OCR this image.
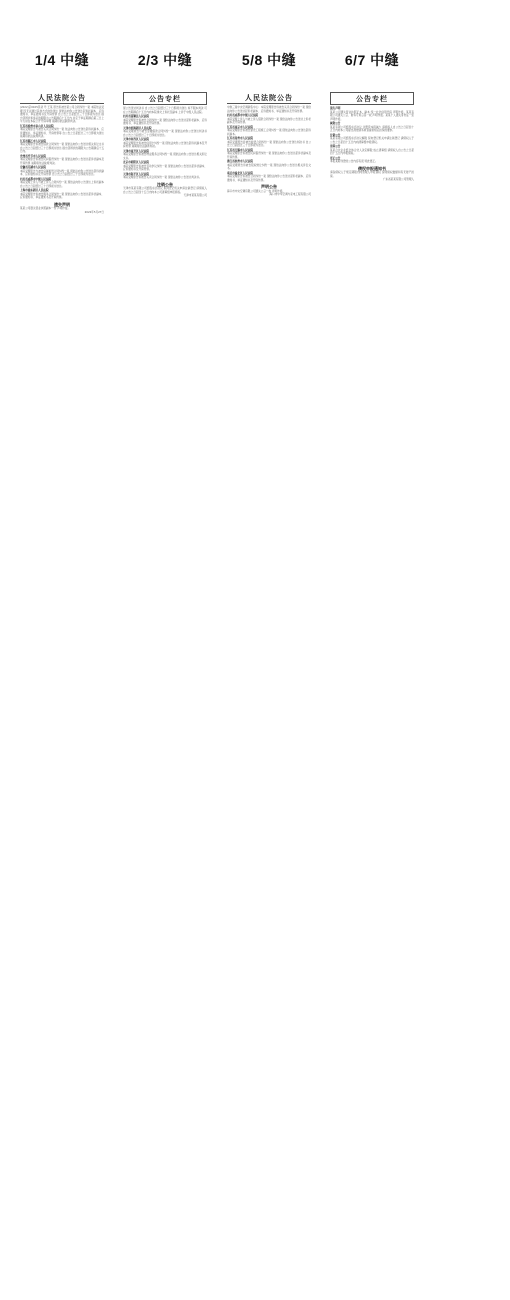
1/4 中缝	2/3 中缝	5/8 中缝	6/7 中缝
人民法院公告
(2022)京0105民初 号 王某 原告诉被告某公司合同纠纷一案 本院依法受理 因无法通过其他方式向你送达 现依法向你公告送达起诉状副本、应诉通知书、举证通知书及开庭传票 自公告之日起经过三十日即视为送达 提出答辩状和举证的期限为公告期满后十五日内 并定于举证期满后第三日上午九时在本院公开开庭审理 逾期将依法缺席判决。
江苏省徐州市泉山区人民法院
本院受理原告与被告买卖合同纠纷一案 依法向你公告送达起诉状副本、应诉通知书、举证通知书、开庭传票等 自公告之日起经过三十日即视为送达 逾期将依法缺席判决。
江苏省镇江市人民法院
本院受理原告诉被告借款合同纠纷一案 现依法向你公告送达相关诉讼文书 自公告之日起经过三十日即视为送达 提出答辩状的期限为公告期满后十五日内。
贵州省毕节市人民法院
本院受理原告诉被告民间借贷纠纷一案 现依法向你公告送达起诉状副本及开庭传票 逾期将依法缺席判决。
安徽省芜湖市人民法院
本院受理原告与被告房屋租赁合同纠纷一案 现依法向你公告送达起诉状副本、应诉通知书及开庭传票 自公告之日起经过三十日即视为送达。
四川省成都市中级人民法院
本院受理上诉人与被上诉人合同纠纷一案 现依法向你公告送达上诉状副本 自公告之日起经过三十日即视为送达。
上海市浦东新区人民法院
本院受理原告诉被告服务合同纠纷一案 现依法向你公告送达起诉状副本、应诉通知书、举证通知书及开庭传票。
遗失声明
某某公司遗失营业执照副本一份 声明作废。
2022年5月27日
公告专栏
现公告送达判决书 自公告之日起经过三十日即视为送达 如不服本判决 可在公告期满后十五日内向本院递交上诉状及副本 上诉于中级人民法院。
四川省富顺县人民法院
本院受理原告诉被告合同纠纷一案 现依法向你公告送达起诉状副本、应诉通知书、举证通知书及开庭传票。
天津市滨海新区人民法院
本院受理原告与被告金融借款合同纠纷一案 现依法向你公告送达判决书 自公告之日起经过三十日即视为送达。
天津市河西区人民法院
本院受理原告诉被告信用卡纠纷一案 现依法向你公告送达起诉状副本及开庭传票 逾期将依法缺席判决。
天津市南开区人民法院
本院受理原告诉被告物业服务合同纠纷一案 现依法向你公告送达相关诉讼文书。
北京市朝阳区人民法院
本院受理原告诉被告劳动争议纠纷一案 现依法向你公告送达起诉状副本、应诉通知书及开庭传票。
天津市和平区人民法院
本院受理原告诉被告买卖合同纠纷一案 现依法向你公告送达判决书。
注销公告
天津市某某有限公司经股东会决议 拟向登记机关申请注销登记 请债权人自公告之日起四十五日内向本公司清算组申报债权。
天津市某某有限公司
人民法院公告
中航三星中央空调销售中心：本院受理原告诉被告买卖合同纠纷一案 现依法向你公告送达起诉状副本、应诉通知书、举证通知书及开庭传票。
四川省成都市中级人民法院
本院受理上诉人与被上诉人借款合同纠纷一案 现依法向你公告送达上诉状副本及开庭传票。
江苏省南京市人民法院
本院受理原告诉被告建设工程施工合同纠纷一案 现依法向你公告送达起诉状副本。
江苏省常州市人民法院
本院受理原告诉被告租赁合同纠纷一案 现依法向你公告送达判决书 自公告之日起经过三十日即视为送达。
江苏省无锡市人民法院
本院受理原告诉被告民间借贷纠纷一案 现依法向你公告送达起诉状副本及开庭传票。
浙江省杭州市人民法院
本院受理原告诉被告股权转让纠纷一案 现依法向你公告送达相关诉讼文书。
重庆市渝北区人民法院
本院受理原告诉被告合同纠纷一案 现依法向你公告送达起诉状副本、应诉通知书、举证通知书及开庭传票。
声明公告
海口市中央空调有限公司遗失公章一枚 声明作废。
海口市中华空调与家电工程有限公司
公告专栏
遗失声明
某某公司遗失营业执照正本、副本 统一社会信用代码 声明作废。某某有限公司遗失公章、财务专用章各一枚 声明作废。某某个人遗失身份证一张 声明作废。
减资公告
某某有限公司经股东会决议 注册资本拟减少 请债权人自公告之日起四十五日内向本公司提出清偿债务或者提供相应担保的要求。
注销公告
某某有限公司经股东会决议解散 拟向登记机关申请注销登记 请债权人于公告之日起四十五日内向清算组申报债权。
清算公告
某某合伙企业经全体合伙人决定解散 成立清算组 请债权人自公告之日起四十五日内申报债权。
更正公告
本报某期刊登的公告内容有误 特此更正。
债权申报通知书
请各债权人于规定期限内向管理人申报债权 说明债权数额和有无财产担保。
广东省某某有限公司管理人
